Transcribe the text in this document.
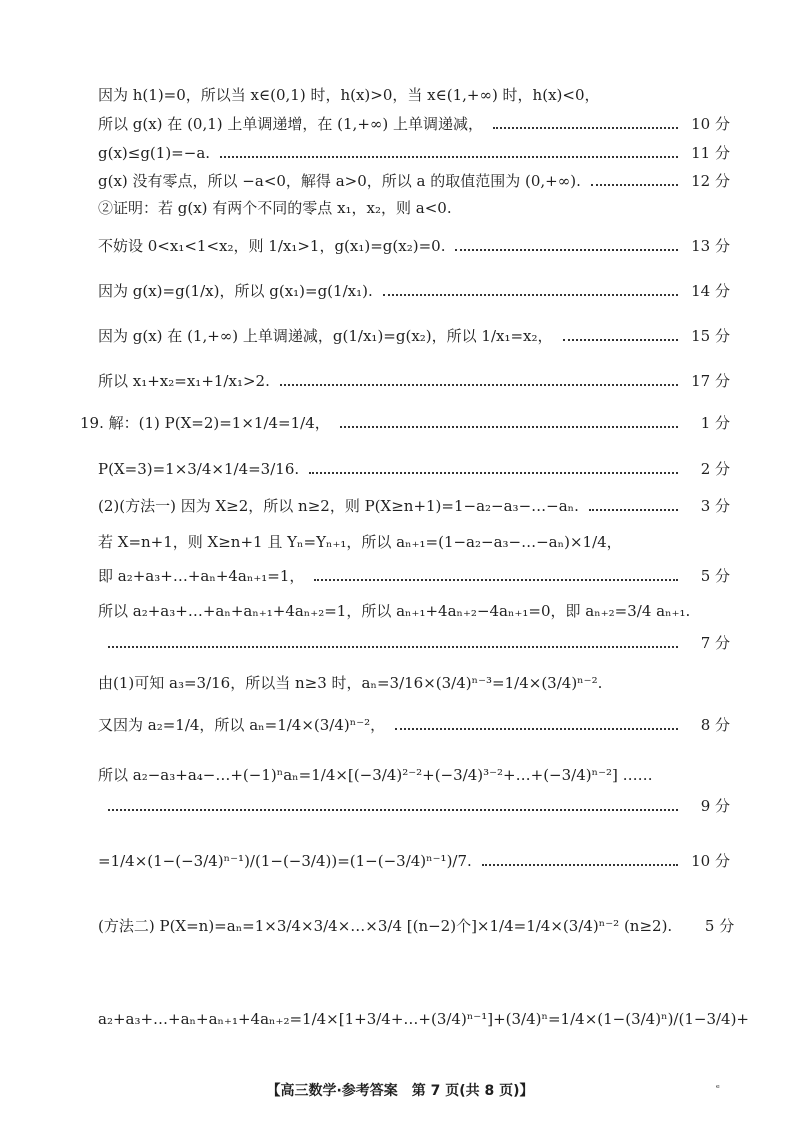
因为 h(1)=0，所以当 x∈(0,1) 时，h(x)>0，当 x∈(1,+∞) 时，h(x)<0，
所以 g(x) 在 (0,1) 上单调递增，在 (1,+∞) 上单调递减，	10 分
g(x)≤g(1)=−a.	11 分
g(x) 没有零点，所以 −a<0，解得 a>0，所以 a 的取值范围为 (0,+∞).	12 分
②证明：若 g(x) 有两个不同的零点 x₁，x₂，则 a<0.
不妨设 0<x₁<1<x₂，则 1/x₁>1，g(x₁)=g(x₂)=0.	13 分
因为 g(x)=g(1/x)，所以 g(x₁)=g(1/x₁).	14 分
因为 g(x) 在 (1,+∞) 上单调递减，g(1/x₁)=g(x₂)，所以 1/x₁=x₂，	15 分
所以 x₁+x₂=x₁+1/x₁>2.	17 分
19. 解：(1) P(X=2)=1×1/4=1/4，	1 分
P(X=3)=1×3/4×1/4=3/16.	2 分
(2)(方法一) 因为 X≥2，所以 n≥2，则 P(X≥n+1)=1−a₂−a₃−…−aₙ.	3 分
若 X=n+1，则 X≥n+1 且 Yₙ=Yₙ₊₁，所以 aₙ₊₁=(1−a₂−a₃−…−aₙ)×1/4，
即 a₂+a₃+…+aₙ+4aₙ₊₁=1，	5 分
所以 a₂+a₃+…+aₙ+aₙ₊₁+4aₙ₊₂=1，所以 aₙ₊₁+4aₙ₊₂−4aₙ₊₁=0，即 aₙ₊₂=3/4 aₙ₊₁.
7 分
由(1)可知 a₃=3/16，所以当 n≥3 时，aₙ=3/16×(3/4)ⁿ⁻³=1/4×(3/4)ⁿ⁻².
又因为 a₂=1/4，所以 aₙ=1/4×(3/4)ⁿ⁻²，	8 分
所以 a₂−a₃+a₄−…+(−1)ⁿaₙ=1/4×[(−3/4)²⁻²+(−3/4)³⁻²+…+(−3/4)ⁿ⁻²] ……
9 分
=1/4×(1−(−3/4)ⁿ⁻¹)/(1−(−3/4))=(1−(−3/4)ⁿ⁻¹)/7.	10 分
(方法二) P(X=n)=aₙ=1×3/4×3/4×…×3/4 [(n−2)个]×1/4=1/4×(3/4)ⁿ⁻² (n≥2).	5 分
a₂+a₃+…+aₙ+aₙ₊₁+4aₙ₊₂=1/4×[1+3/4+…+(3/4)ⁿ⁻¹]+(3/4)ⁿ=1/4×(1−(3/4)ⁿ)/(1−3/4)+
【高三数学·参考答案　第 7 页(共 8 页)】	ₑ
